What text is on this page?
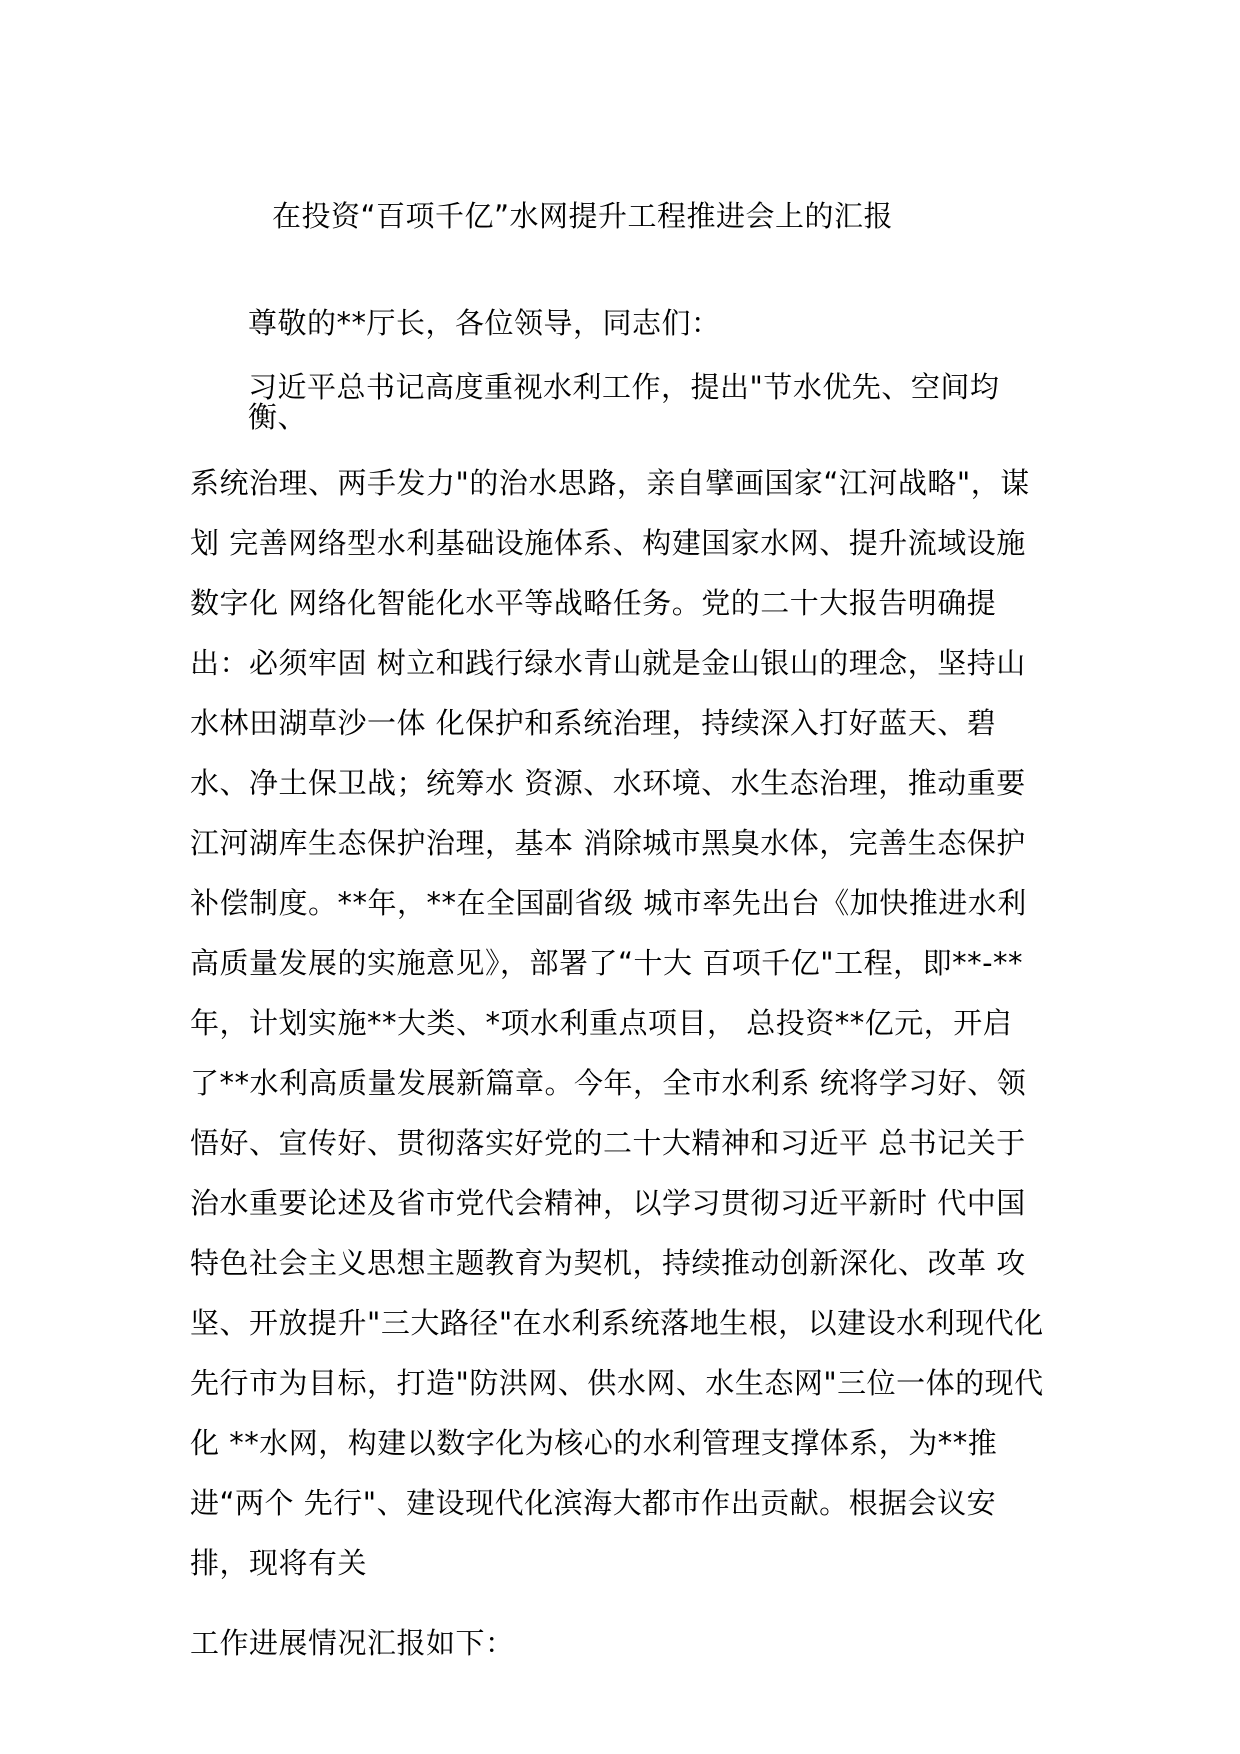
在投资“百项千亿”水网提升工程推进会上的汇报
尊敬的**厅长，各位领导，同志们：
习近平总书记高度重视水利工作，提出"节水优先、空间均
衡、
系统治理、两手发力"的治水思路，亲自擘画国家“江河战略"，谋
划 完善网络型水利基础设施体系、构建国家水网、提升流域设施
数字化 网络化智能化水平等战略任务。党的二十大报告明确提
出：必须牢固 树立和践行绿水青山就是金山银山的理念，坚持山
水林田湖草沙一体 化保护和系统治理，持续深入打好蓝天、碧
水、净土保卫战；统筹水 资源、水环境、水生态治理，推动重要
江河湖库生态保护治理，基本 消除城市黑臭水体，完善生态保护
补偿制度。**年，**在全国副省级 城市率先出台《加快推进水利
高质量发展的实施意见》，部署了“十大 百项千亿"工程，即**-**
年，计划实施**大类、*项水利重点项目， 总投资**亿元，开启
了**水利高质量发展新篇章。今年，全市水利系 统将学习好、领
悟好、宣传好、贯彻落实好党的二十大精神和习近平 总书记关于
治水重要论述及省市党代会精神，以学习贯彻习近平新时 代中国
特色社会主义思想主题教育为契机，持续推动创新深化、改革 攻
坚、开放提升"三大路径"在水利系统落地生根，以建设水利现代化
先行市为目标，打造"防洪网、供水网、水生态网"三位一体的现代
化 **水网，构建以数字化为核心的水利管理支撑体系，为**推
进“两个 先行"、建设现代化滨海大都市作出贡献。根据会议安
排，现将有关
工作进展情况汇报如下：
